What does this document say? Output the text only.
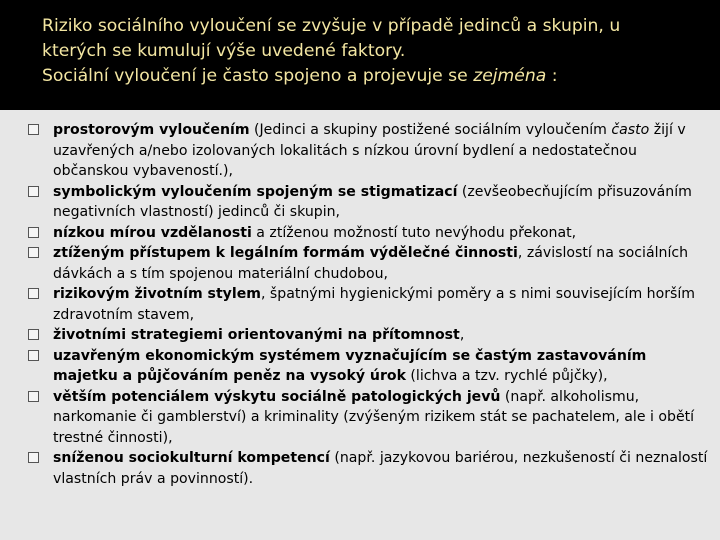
Riziko sociálního vyloučení se zvyšuje v případě jedinců a skupin, u
kterých se kumulují výše uvedené faktory.
Sociální vyloučení je často spojeno a projevuje se zejména :
prostorovým vyloučením (Jedinci a skupiny postižené sociálním vyloučením často žijí v uzavřených a/nebo izolovaných lokalitách s nízkou úrovní bydlení a nedostatečnou občanskou vybaveností.),
symbolickým vyloučením spojeným se stigmatizací (zevšeobecňujícím přisuzováním negativních vlastností) jedinců či skupin,
nízkou mírou vzdělanosti a ztíženou možností tuto nevýhodu překonat,
ztíženým přístupem k legálním formám výdělečné činnosti, závislostí na sociálních dávkách a s tím spojenou materiální chudobou,
rizikovým životním stylem, špatnými hygienickými poměry a s nimi souvisejícím horším zdravotním stavem,
životními strategiemi orientovanými na přítomnost,
uzavřeným ekonomickým systémem vyznačujícím se častým zastavováním majetku a půjčováním peněz na vysoký úrok (lichva a tzv. rychlé půjčky),
větším potenciálem výskytu sociálně patologických jevů (např. alkoholismu, narkomanie či gamblerství) a kriminality (zvýšeným rizikem stát se pachatelem, ale i obětí trestné činnosti),
sníženou sociokulturní kompetencí (např. jazykovou bariérou, nezkušeností či neznalostí vlastních práv a povinností).
